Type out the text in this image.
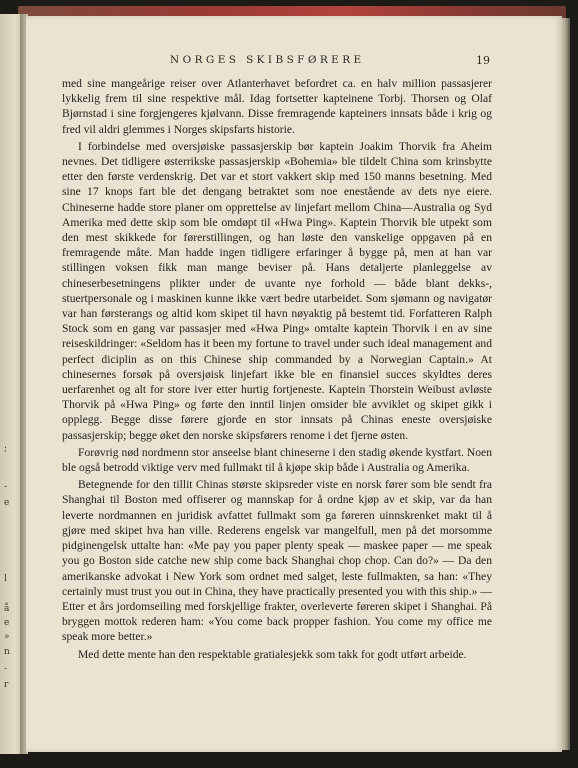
;
-
e
l
å
e
»
n
-
r
NORGES SKIBSFØRERE	19

med sine mangeårige reiser over Atlanterhavet befordret ca. en halv million passasjerer lykkelig frem til sine respektive mål. Idag fortsetter kapteinene Torbj. Thorsen og Olaf Bjørnstad i sine forgjengeres kjølvann. Disse fremragende kapteiners innsats både i krig og fred vil aldri glemmes i Norges skipsfarts historie.

I forbindelse med oversjøiske passasjerskip bør kaptein Joakim Thorvik fra Aheim nevnes. Det tidligere østerrikske passasjerskip «Bohemia» ble tildelt China som krinsbytte etter den første verdenskrig. Det var et stort vakkert skip med 150 manns besetning. Med sine 17 knops fart ble det dengang betraktet som noe enestående av dets nye eiere. Chineserne hadde store planer om opprettelse av linjefart mellom China—Australia og Syd Amerika med dette skip som ble omdøpt til «Hwa Ping». Kaptein Thorvik ble utpekt som den mest skikkede for førerstillingen, og han løste den vanskelige oppgaven på en fremragende måte. Man hadde ingen tidligere erfaringer å bygge på, men at han var stillingen voksen fikk man mange beviser på. Hans detaljerte planleggelse av chineserbesetningens plikter under de uvante nye forhold — både blant dekks-, stuertpersonale og i maskinen kunne ikke vært bedre utarbeidet. Som sjømann og navigatør var han førsterangs og altid kom skipet til havn nøyaktig på bestemt tid. Forfatteren Ralph Stock som en gang var passasjer med «Hwa Ping» omtalte kaptein Thorvik i en av sine reiseskildringer: «Seldom has it been my fortune to travel under such ideal management and perfect diciplin as on this Chinese ship commanded by a Norwegian Captain.» At chinesernes forsøk på oversjøisk linjefart ikke ble en finansiel succes skyldtes deres uerfarenhet og alt for store iver etter hurtig fortjeneste. Kaptein Thorstein Weibust avløste Thorvik på «Hwa Ping» og førte den inntil linjen omsider ble avviklet og skipet gikk i opplegg. Begge disse førere gjorde en stor innsats på Chinas eneste oversjøiske passasjerskip; begge øket den norske skipsførers renome i det fjerne østen.

Forøvrig nød nordmenn stor anseelse blant chineserne i den stadig økende kystfart. Noen ble også betrodd viktige verv med fullmakt til å kjøpe skip både i Australia og Amerika.

Betegnende for den tillit Chinas største skipsreder viste en norsk fører som ble sendt fra Shanghai til Boston med offiserer og mannskap for å ordne kjøp av et skip, var da han leverte nordmannen en juridisk avfattet fullmakt som ga føreren uinnskrenket makt til å gjøre med skipet hva han ville. Rederens engelsk var mangelfull, men på det morsomme pidginengelsk uttalte han: «Me pay you paper plenty speak — maskee paper — me speak you go Boston side catche new ship come back Shanghai chop chop. Can do?» — Da den amerikanske advokat i New York som ordnet med salget, leste fullmakten, sa han: «They certainly must trust you out in China, they have practically presented you with this ship.» — Etter et års jordomseiling med forskjellige frakter, overleverte føreren skipet i Shanghai. På bryggen mottok rederen ham: «You come back propper fashion. You come my office me speak more better.»

Med dette mente han den respektable gratialesjekk som takk for godt utført arbeide.
